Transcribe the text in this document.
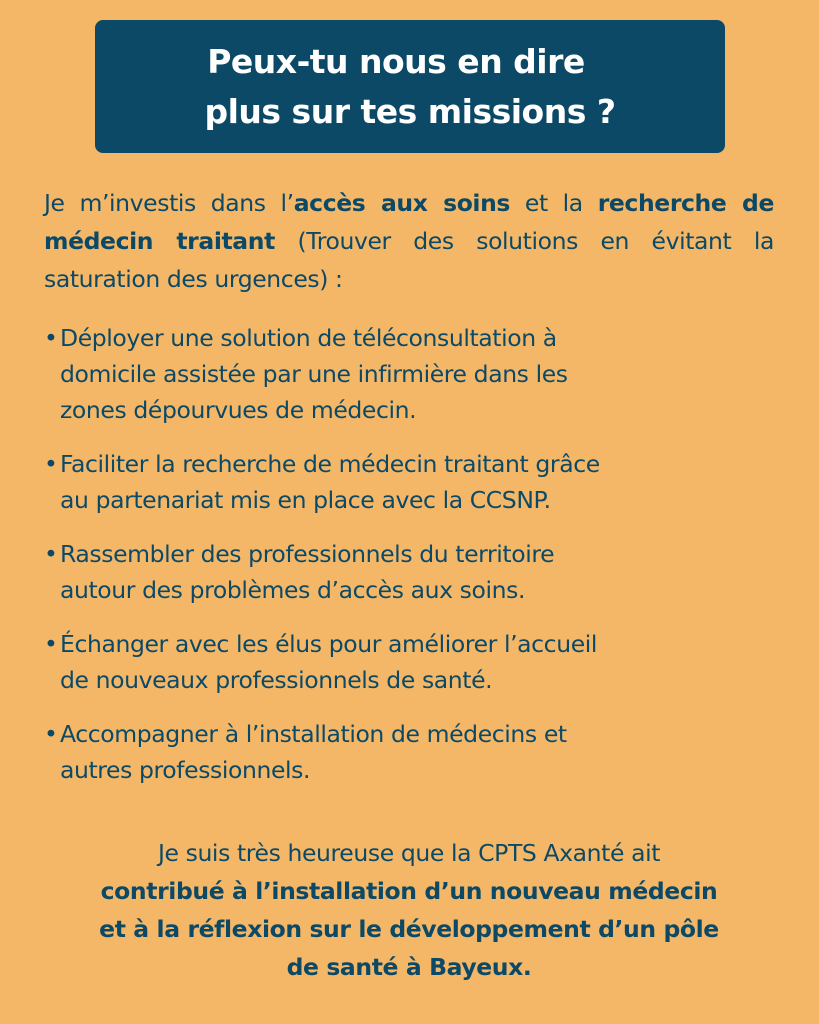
Peux-tu nous en dire
plus sur tes missions ?

Je m’investis dans l’accès aux soins et la recherche de médecin traitant (Trouver des solutions en évitant la saturation des urgences) :

• Déployer une solution de téléconsultation à
domicile assistée par une infirmière dans les
zones dépourvues de médecin.
• Faciliter la recherche de médecin traitant grâce
au partenariat mis en place avec la CCSNP.
• Rassembler des professionnels du territoire
autour des problèmes d’accès aux soins.
• Échanger avec les élus pour améliorer l’accueil
de nouveaux professionnels de santé.
• Accompagner à l’installation de médecins et
autres professionnels.
Je suis très heureuse que la CPTS Axanté ait
contribué à l’installation d’un nouveau médecin
et à la réflexion sur le développement d’un pôle
de santé à Bayeux.
